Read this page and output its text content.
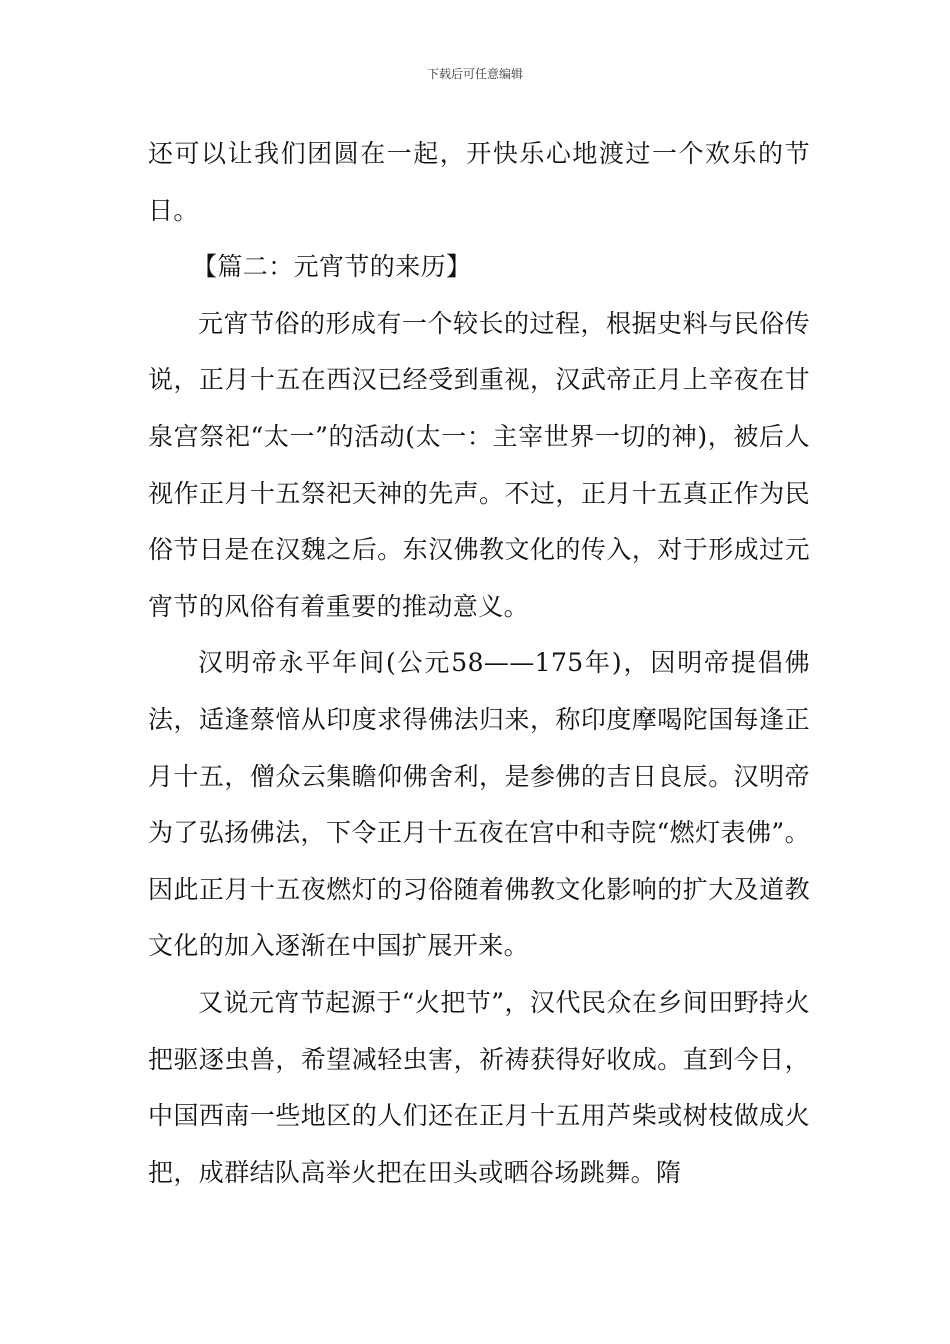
下载后可任意编辑

还可以让我们团圆在一起，开快乐心地渡过一个欢乐的节日。

【篇二：元宵节的来历】

元宵节俗的形成有一个较长的过程，根据史料与民俗传说，正月十五在西汉已经受到重视，汉武帝正月上辛夜在甘泉宫祭祀“太一”的活动(太一：主宰世界一切的神)，被后人视作正月十五祭祀天神的先声。不过，正月十五真正作为民俗节日是在汉魏之后。东汉佛教文化的传入，对于形成过元宵节的风俗有着重要的推动意义。

汉明帝永平年间(公元58——175年)，因明帝提倡佛法，适逢蔡愔从印度求得佛法归来，称印度摩喝陀国每逢正月十五，僧众云集瞻仰佛舍利，是参佛的吉日良辰。汉明帝为了弘扬佛法，下令正月十五夜在宫中和寺院“燃灯表佛”。因此正月十五夜燃灯的习俗随着佛教文化影响的扩大及道教文化的加入逐渐在中国扩展开来。

又说元宵节起源于“火把节”，汉代民众在乡间田野持火把驱逐虫兽，希望减轻虫害，祈祷获得好收成。直到今日，中国西南一些地区的人们还在正月十五用芦柴或树枝做成火把，成群结队高举火把在田头或晒谷场跳舞。隋
